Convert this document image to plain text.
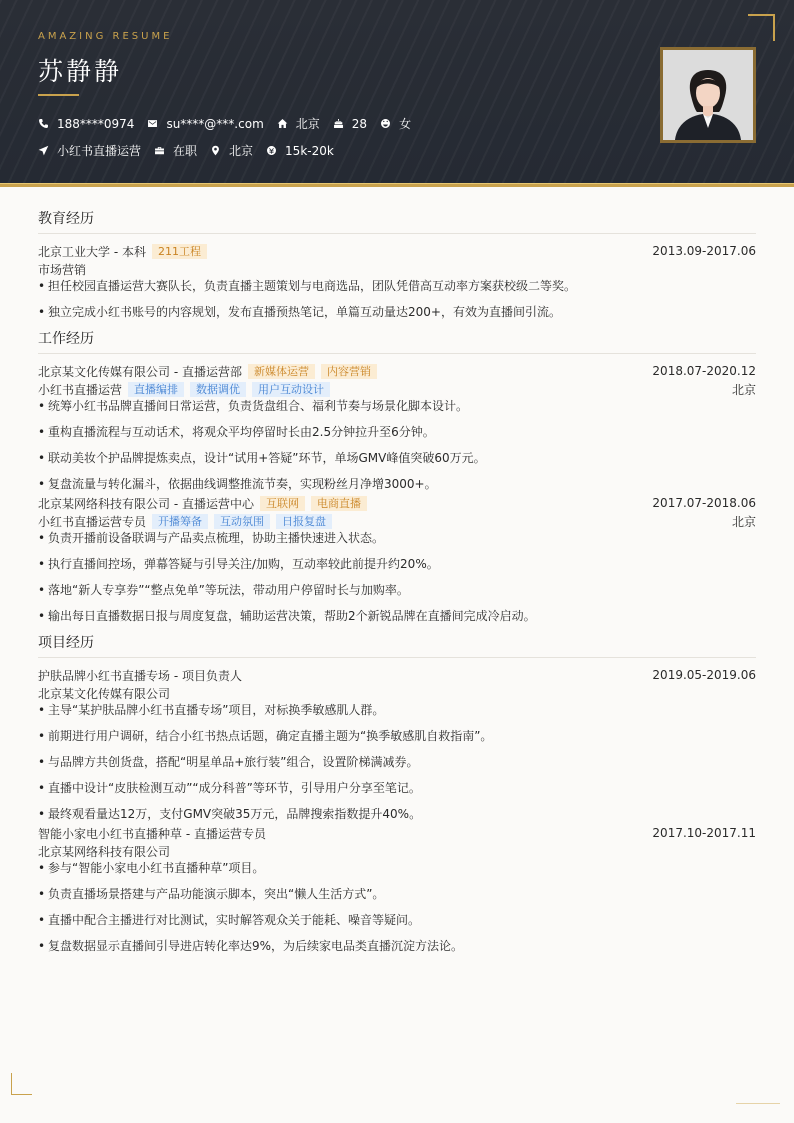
AMAZING RESUME
苏静静
188****0974	su****@***.com	北京	28	女
小红书直播运营	在职	北京	15k-20k
教育经历
北京工业大学 - 本科	211工程	2013.09-2017.06
市场营销
• 担任校园直播运营大赛队长，负责直播主题策划与电商选品，团队凭借高互动率方案获校级二等奖。
• 独立完成小红书账号的内容规划，发布直播预热笔记，单篇互动量达200+，有效为直播间引流。
工作经历
北京某文化传媒有限公司 - 直播运营部	新媒体运营	内容营销	2018.07-2020.12
小红书直播运营	直播编排	数据调优	用户互动设计	北京
• 统筹小红书品牌直播间日常运营，负责货盘组合、福利节奏与场景化脚本设计。
• 重构直播流程与互动话术，将观众平均停留时长由2.5分钟拉升至6分钟。
• 联动美妆个护品牌提炼卖点，设计“试用+答疑”环节，单场GMV峰值突破60万元。
• 复盘流量与转化漏斗，依据曲线调整推流节奏，实现粉丝月净增3000+。
北京某网络科技有限公司 - 直播运营中心	互联网	电商直播	2017.07-2018.06
小红书直播运营专员	开播筹备	互动氛围	日报复盘	北京
• 负责开播前设备联调与产品卖点梳理，协助主播快速进入状态。
• 执行直播间控场，弹幕答疑与引导关注/加购，互动率较此前提升约20%。
• 落地“新人专享券”“整点免单”等玩法，带动用户停留时长与加购率。
• 输出每日直播数据日报与周度复盘，辅助运营决策，帮助2个新锐品牌在直播间完成冷启动。
项目经历
护肤品牌小红书直播专场 - 项目负责人	2019.05-2019.06
北京某文化传媒有限公司
• 主导“某护肤品牌小红书直播专场”项目，对标换季敏感肌人群。
• 前期进行用户调研，结合小红书热点话题，确定直播主题为“换季敏感肌自救指南”。
• 与品牌方共创货盘，搭配“明星单品+旅行装”组合，设置阶梯满减券。
• 直播中设计“皮肤检测互动”“成分科普”等环节，引导用户分享至笔记。
• 最终观看量达12万，支付GMV突破35万元，品牌搜索指数提升40%。
智能小家电小红书直播种草 - 直播运营专员	2017.10-2017.11
北京某网络科技有限公司
• 参与“智能小家电小红书直播种草”项目。
• 负责直播场景搭建与产品功能演示脚本，突出“懒人生活方式”。
• 直播中配合主播进行对比测试，实时解答观众关于能耗、噪音等疑问。
• 复盘数据显示直播间引导进店转化率达9%，为后续家电品类直播沉淀方法论。
